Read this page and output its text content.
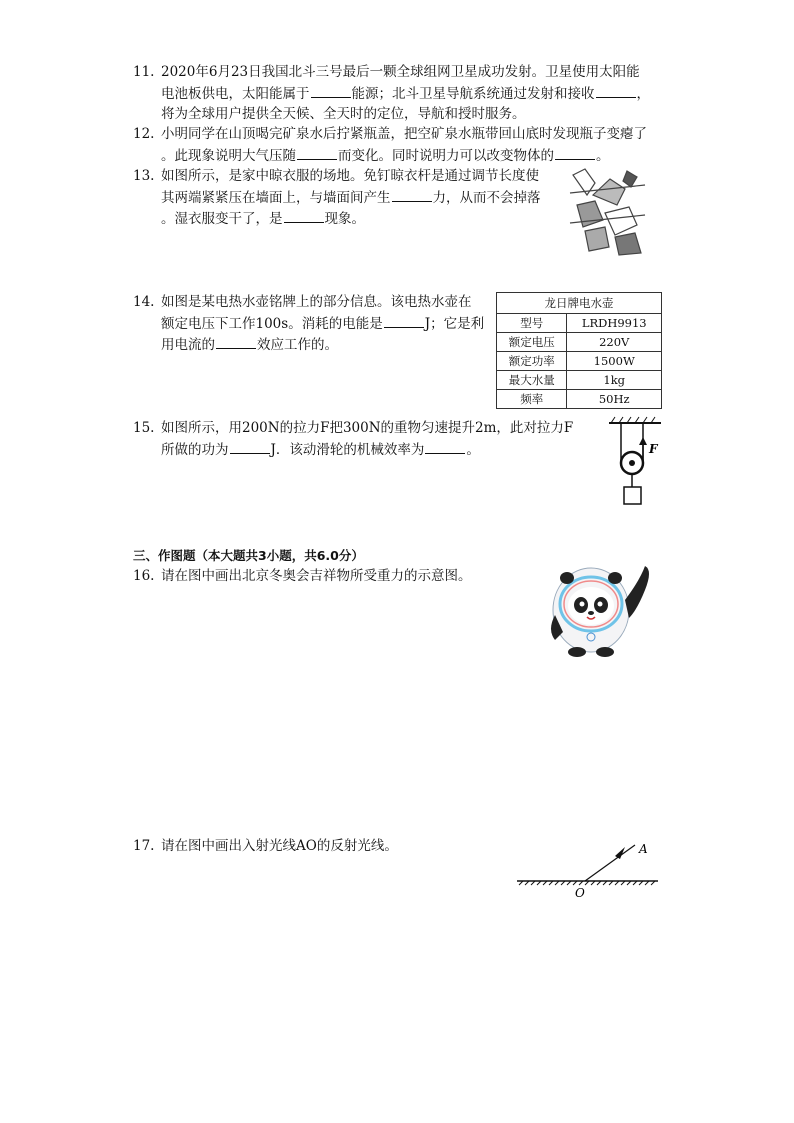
11. 2020年6月23日我国北斗三号最后一颗全球组网卫星成功发射。卫星使用太阳能
电池板供电，太阳能属于	能源；北斗卫星导航系统通过发射和接收	，
将为全球用户提供全天候、全天时的定位，导航和授时服务。
12. 小明同学在山顶喝完矿泉水后拧紧瓶盖，把空矿泉水瓶带回山底时发现瓶子变瘪了
。此现象说明大气压随	而变化。同时说明力可以改变物体的	。
13. 如图所示，是家中晾衣服的场地。免钉晾衣杆是通过调节长度使
其两端紧紧压在墙面上，与墙面间产生	力，从而不会掉落
。湿衣服变干了，是	现象。
14. 如图是某电热水壶铭牌上的部分信息。该电热水壶在
额定电压下工作100s。消耗的电能是	J；它是利
用电流的	效应工作的。
龙日牌电水壶	
型号	LRDH9913
额定电压	220V
额定功率	1500W
最大水量	1kg
频率	50Hz
15. 如图所示，用200N的拉力F把300N的重物匀速提升2m，此对拉力F
所做的功为	J．该动滑轮的机械效率为	。	F
三、作图题（本大题共3小题，共6.0分）
16. 请在图中画出北京冬奥会吉祥物所受重力的示意图。
17. 请在图中画出入射光线AO的反射光线。	A
O
